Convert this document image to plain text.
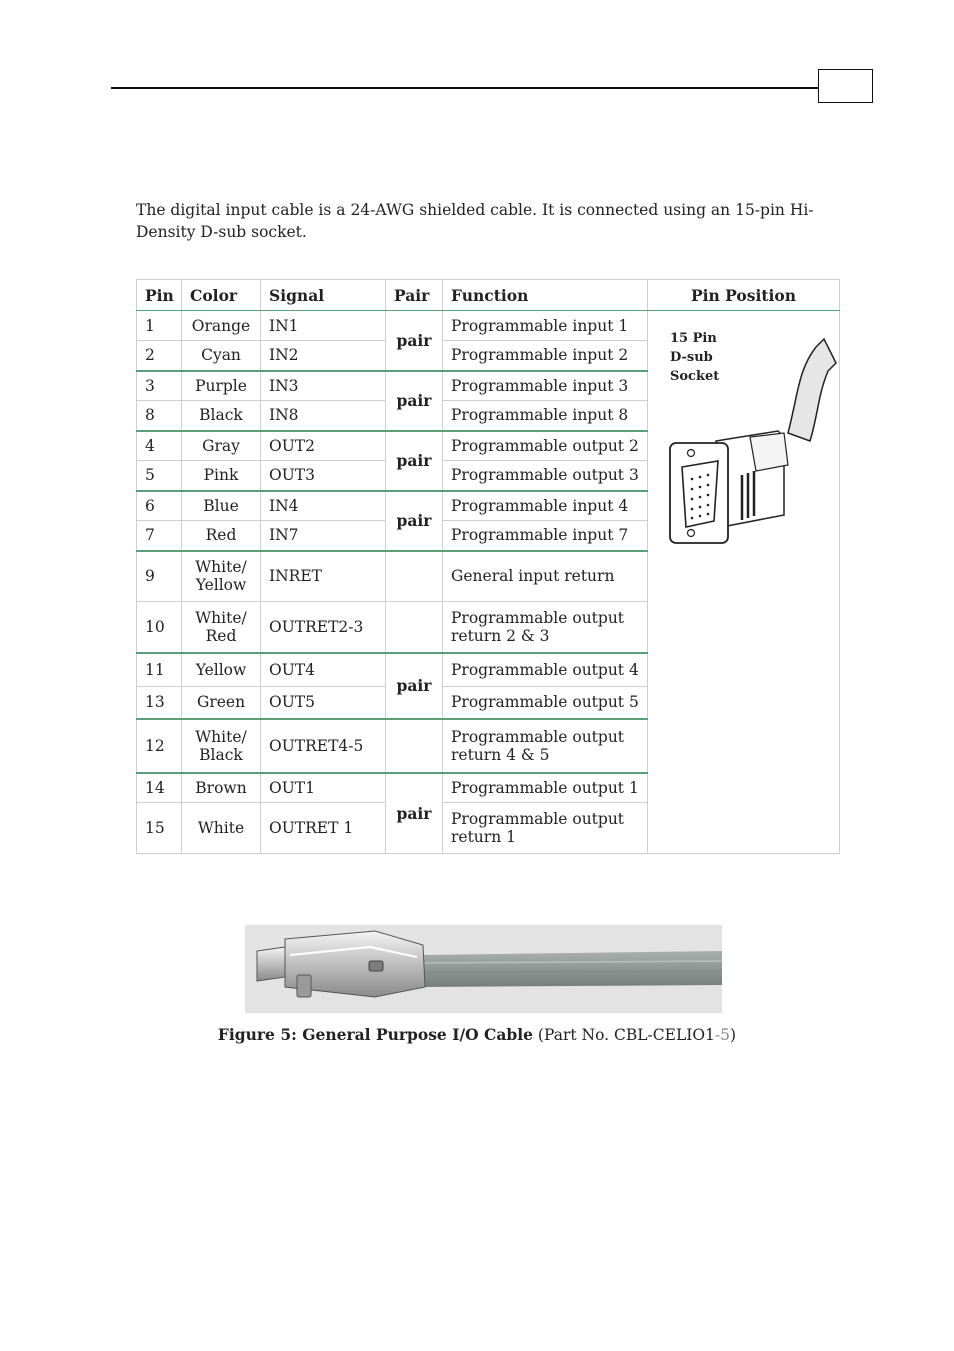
The digital input cable is a 24-AWG shielded cable. It is connected using an 15-pin Hi-Density D-sub socket.

Pin	Color	Signal	Pair	Function	Pin Position
1	Orange	IN1	pair	Programmable input 1	15 Pin
D-sub
Socket

2	Cyan	IN2		Programmable input 2	
3	Purple	IN3	pair	Programmable input 3	
8	Black	IN8		Programmable input 8	
4	Gray	OUT2	pair	Programmable output 2	
5	Pink	OUT3		Programmable output 3	
6	Blue	IN4	pair	Programmable input 4	
7	Red	IN7		Programmable input 7	
9	White/
Yellow	INRET		General input return	
10	White/
Red	OUTRET2-3		Programmable output
return 2 & 3	
11	Yellow	OUT4	pair	Programmable output 4	
13	Green	OUT5		Programmable output 5	
12	White/
Black	OUTRET4-5		Programmable output
return 4 & 5	
14	Brown	OUT1	pair	Programmable output 1	
15	White	OUTRET 1		Programmable output
return 1	
Figure 5: General Purpose I/O Cable (Part No. CBL-CELIO1-5)
